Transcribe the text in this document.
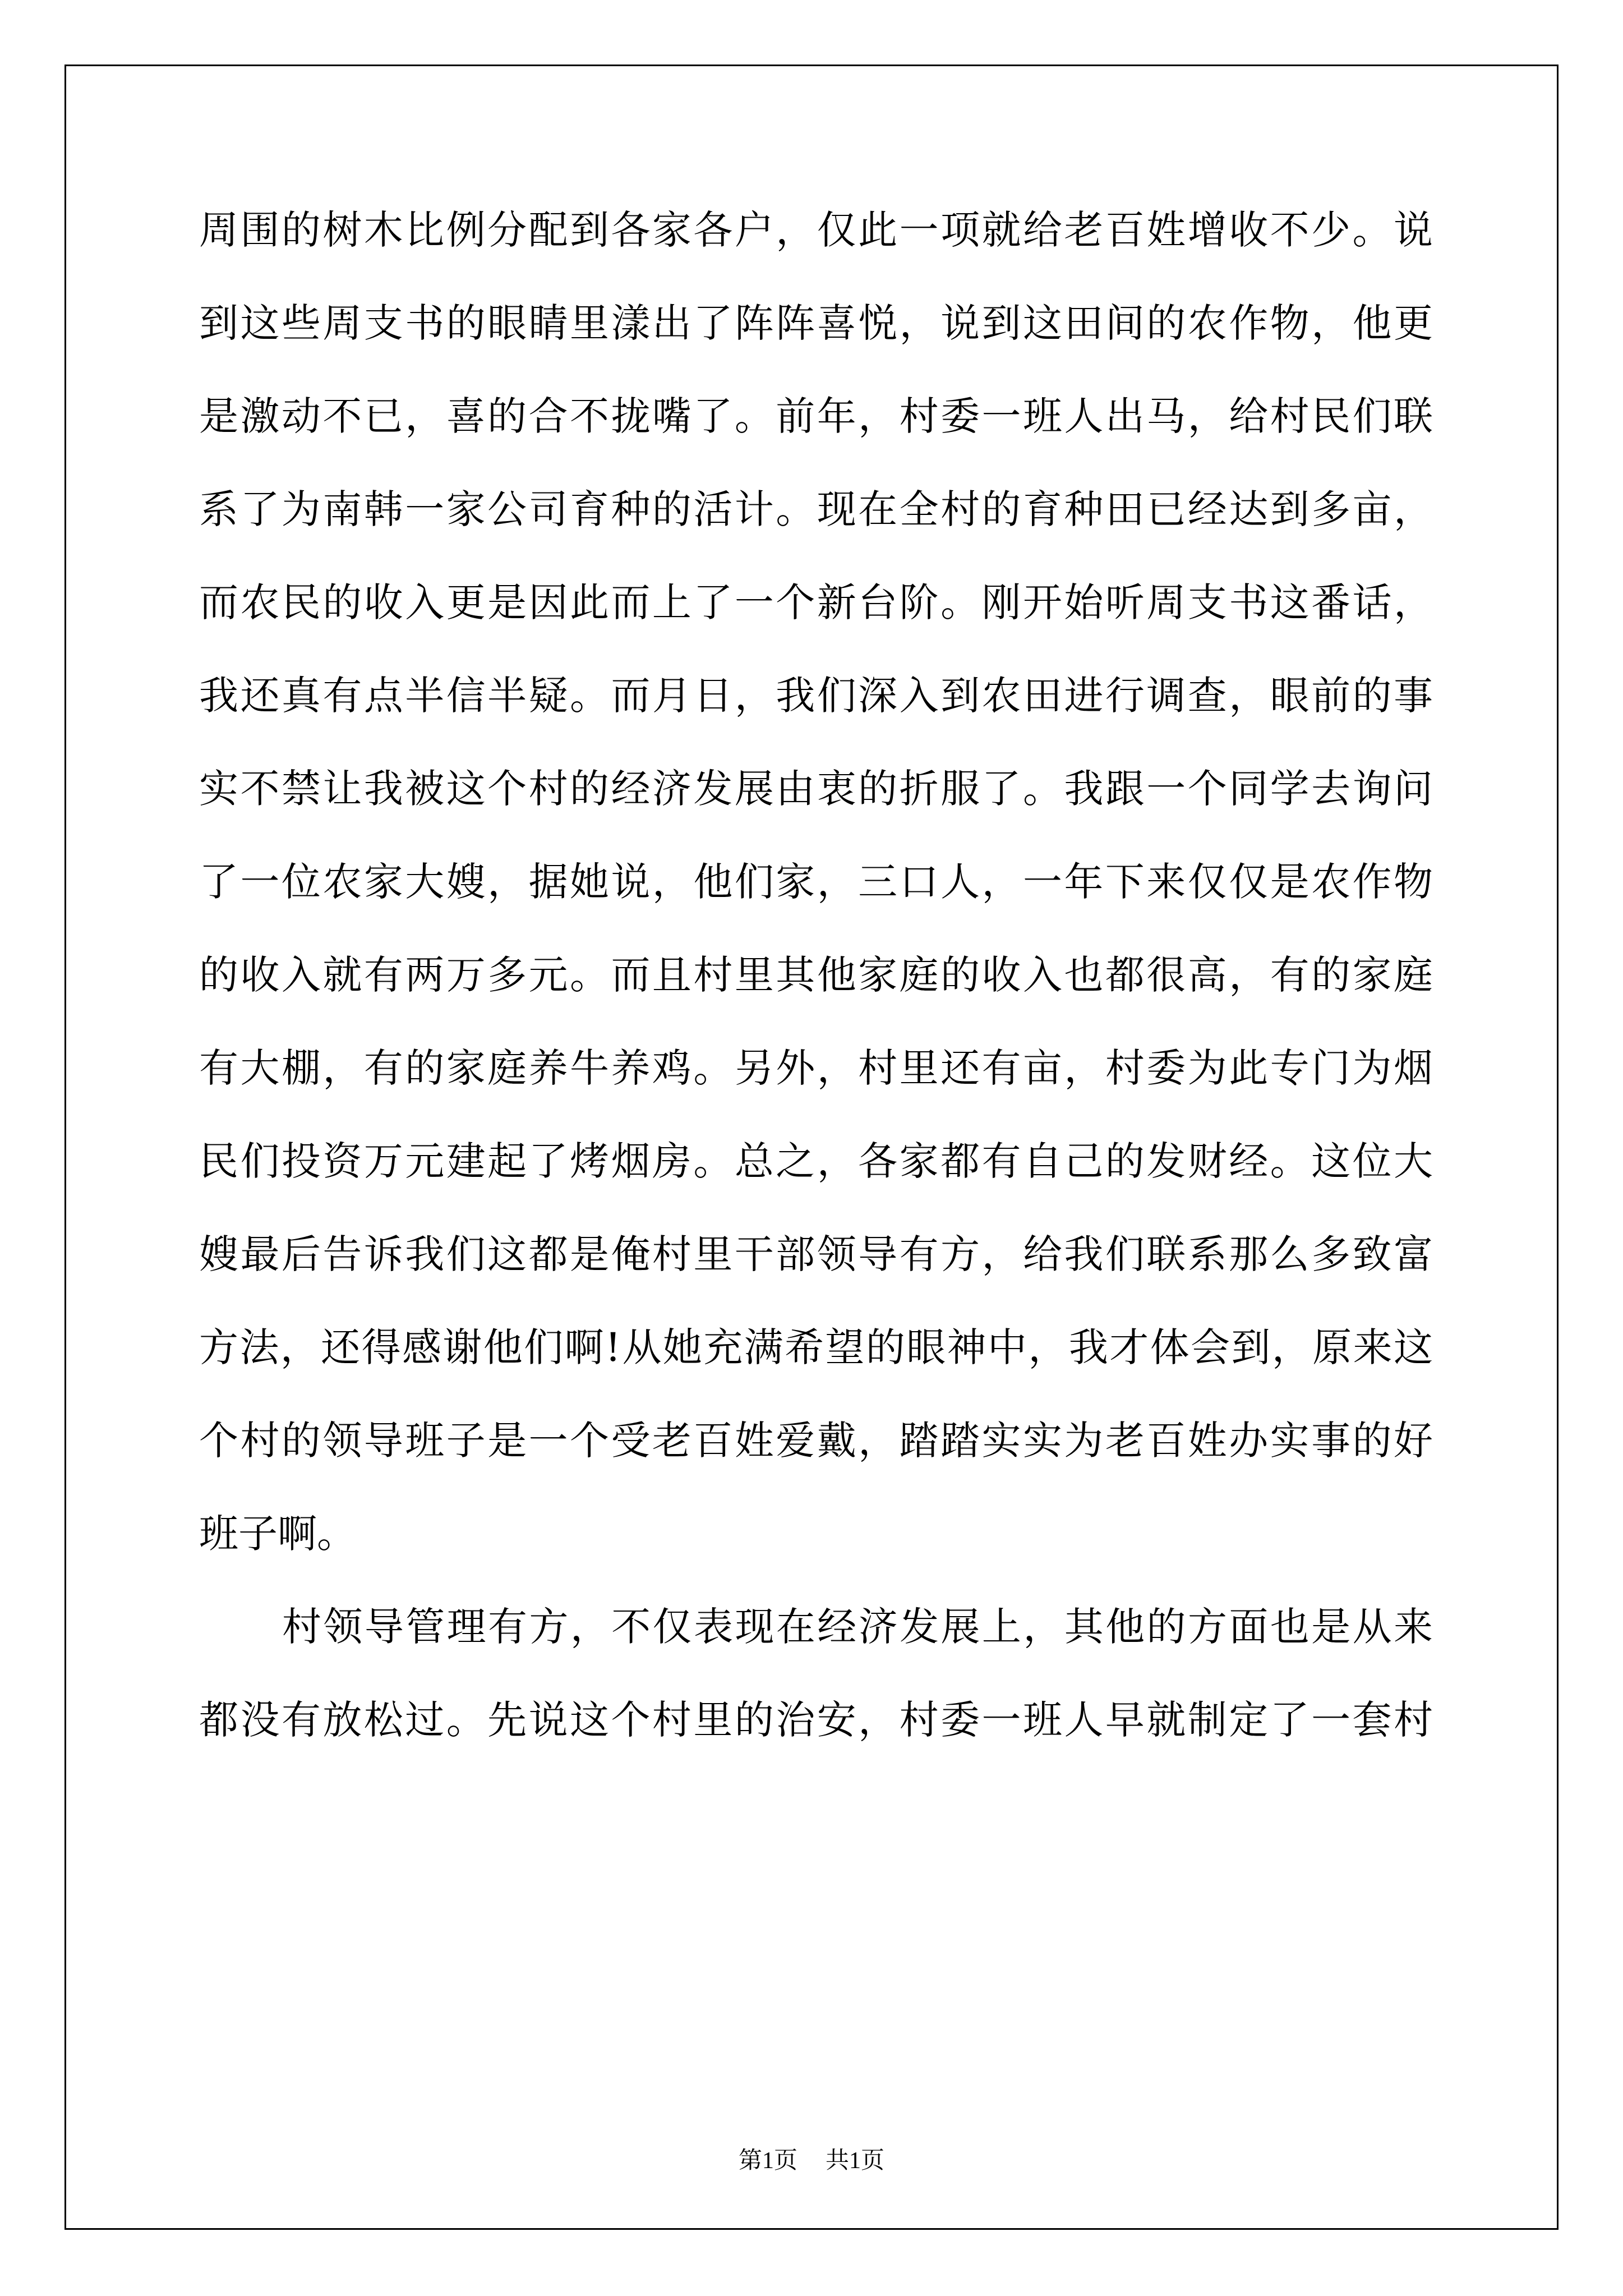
周围的树木比例分配到各家各户，仅此一项就给老百姓增收不少。说
到这些周支书的眼睛里漾出了阵阵喜悦，说到这田间的农作物，他更
是激动不已，喜的合不拢嘴了。前年，村委一班人出马，给村民们联
系了为南韩一家公司育种的活计。现在全村的育种田已经达到多亩，
而农民的收入更是因此而上了一个新台阶。刚开始听周支书这番话，
我还真有点半信半疑。而月日，我们深入到农田进行调查，眼前的事
实不禁让我被这个村的经济发展由衷的折服了。我跟一个同学去询问
了一位农家大嫂，据她说，他们家，三口人，一年下来仅仅是农作物
的收入就有两万多元。而且村里其他家庭的收入也都很高，有的家庭
有大棚，有的家庭养牛养鸡。另外，村里还有亩，村委为此专门为烟
民们投资万元建起了烤烟房。总之，各家都有自己的发财经。这位大
嫂最后告诉我们这都是俺村里干部领导有方，给我们联系那么多致富
方法，还得感谢他们啊!从她充满希望的眼神中，我才体会到，原来这
个村的领导班子是一个受老百姓爱戴，踏踏实实为老百姓办实事的好
班子啊。
村领导管理有方，不仅表现在经济发展上，其他的方面也是从来
都没有放松过。先说这个村里的治安，村委一班人早就制定了一套村
第1页 共1页
